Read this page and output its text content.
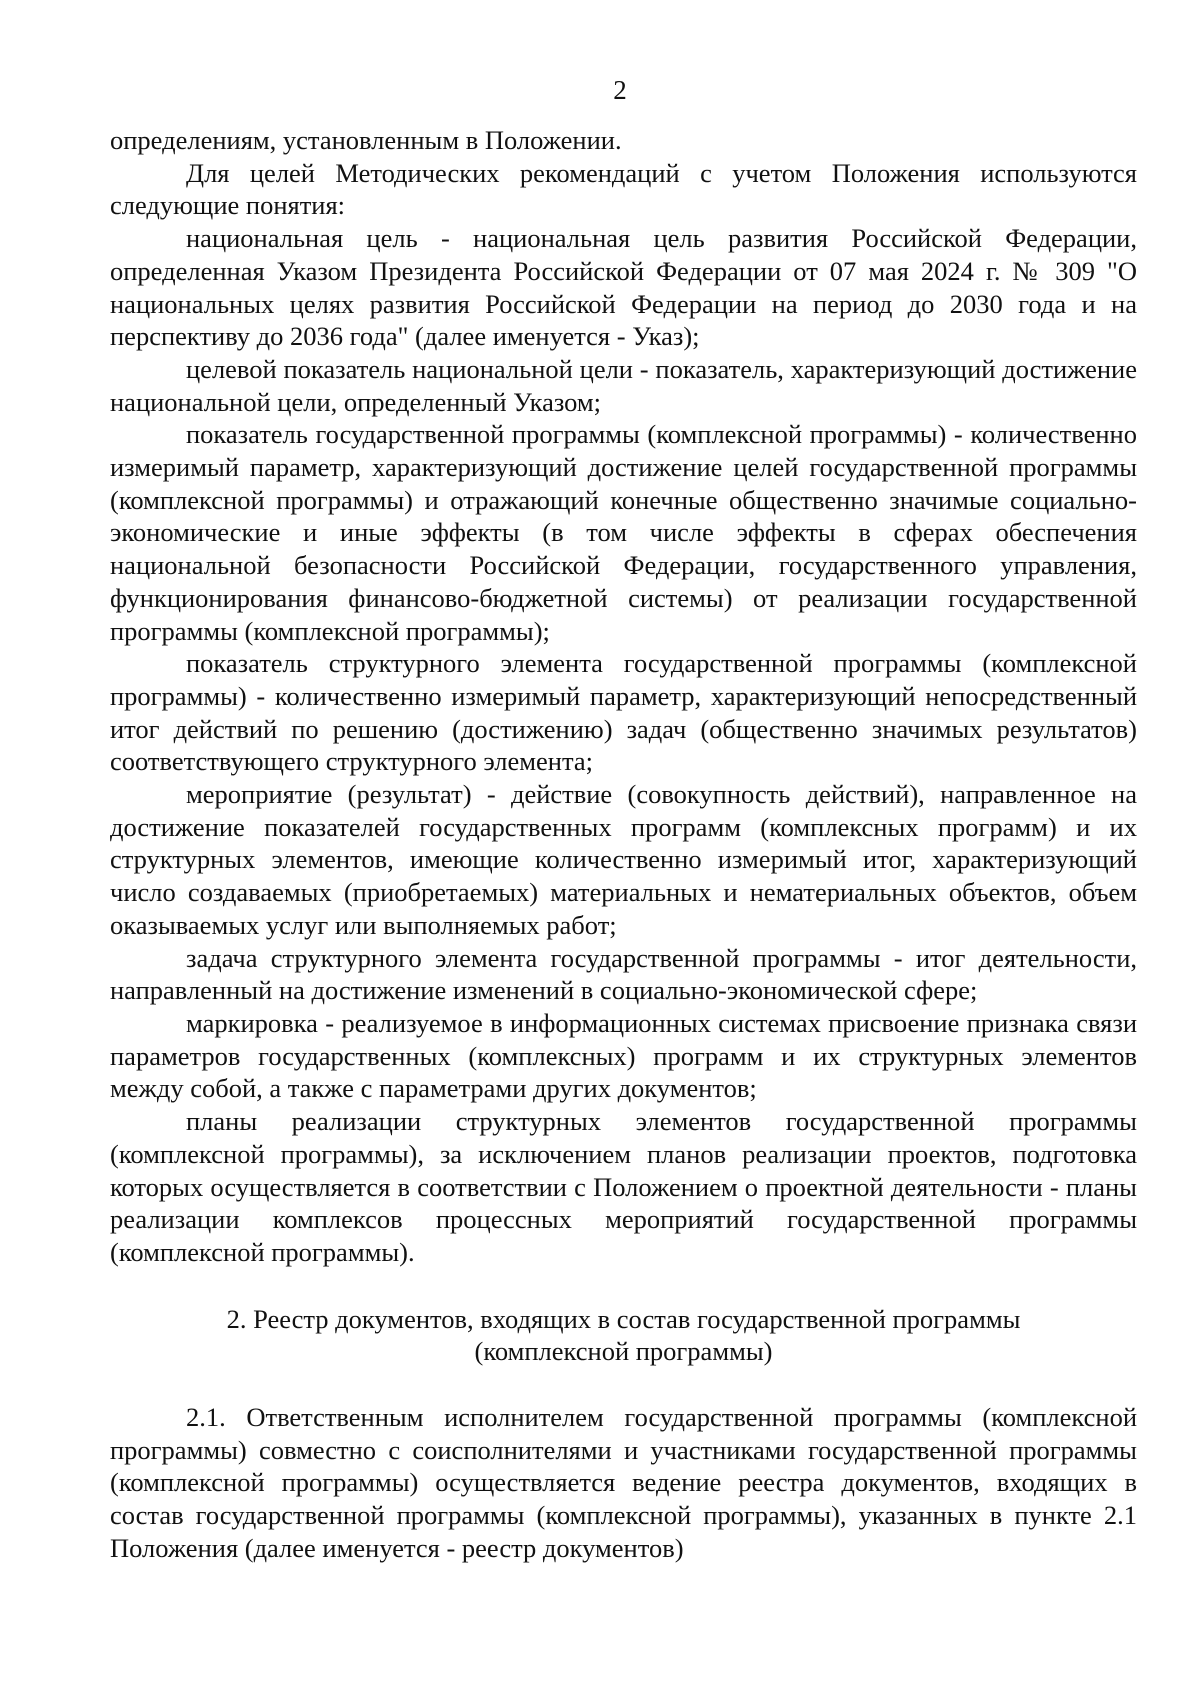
2

определениям, установленным в Положении.

Для целей Методических рекомендаций с учетом Положения используются следующие понятия:

национальная цель - национальная цель развития Российской Федерации, определенная Указом Президента Российской Федерации от 07 мая 2024 г. № 309 "О национальных целях развития Российской Федерации на период до 2030 года и на перспективу до 2036 года" (далее именуется - Указ);

целевой показатель национальной цели - показатель, характеризующий достижение национальной цели, определенный Указом;

показатель государственной программы (комплексной программы) - количественно измеримый параметр, характеризующий достижение целей государственной программы (комплексной программы) и отражающий конечные общественно значимые социально-экономические и иные эффекты (в том числе эффекты в сферах обеспечения национальной безопасности Российской Федерации, государственного управления, функционирования финансово-бюджетной системы) от реализации государственной программы (комплексной программы);

показатель структурного элемента государственной программы (комплексной программы) - количественно измеримый параметр, характеризующий непосредственный итог действий по решению (достижению) задач (общественно значимых результатов) соответствующего структурного элемента;

мероприятие (результат) - действие (совокупность действий), направленное на достижение показателей государственных программ (комплексных программ) и их структурных элементов, имеющие количественно измеримый итог, характеризующий число создаваемых (приобретаемых) материальных и нематериальных объектов, объем оказываемых услуг или выполняемых работ;

задача структурного элемента государственной программы - итог деятельности, направленный на достижение изменений в социально-экономической сфере;

маркировка - реализуемое в информационных системах присвоение признака связи параметров государственных (комплексных) программ и их структурных элементов между собой, а также с параметрами других документов;

планы реализации структурных элементов государственной программы (комплексной программы), за исключением планов реализации проектов, подготовка которых осуществляется в соответствии с Положением о проектной деятельности - планы реализации комплексов процессных мероприятий государственной программы (комплексной программы).

2. Реестр документов, входящих в состав государственной программы
(комплексной программы)

2.1. Ответственным исполнителем государственной программы (комплексной программы) совместно с соисполнителями и участниками государственной программы (комплексной программы) осуществляется ведение реестра документов, входящих в состав государственной программы (комплексной программы), указанных в пункте 2.1 Положения (далее именуется - реестр документов)
